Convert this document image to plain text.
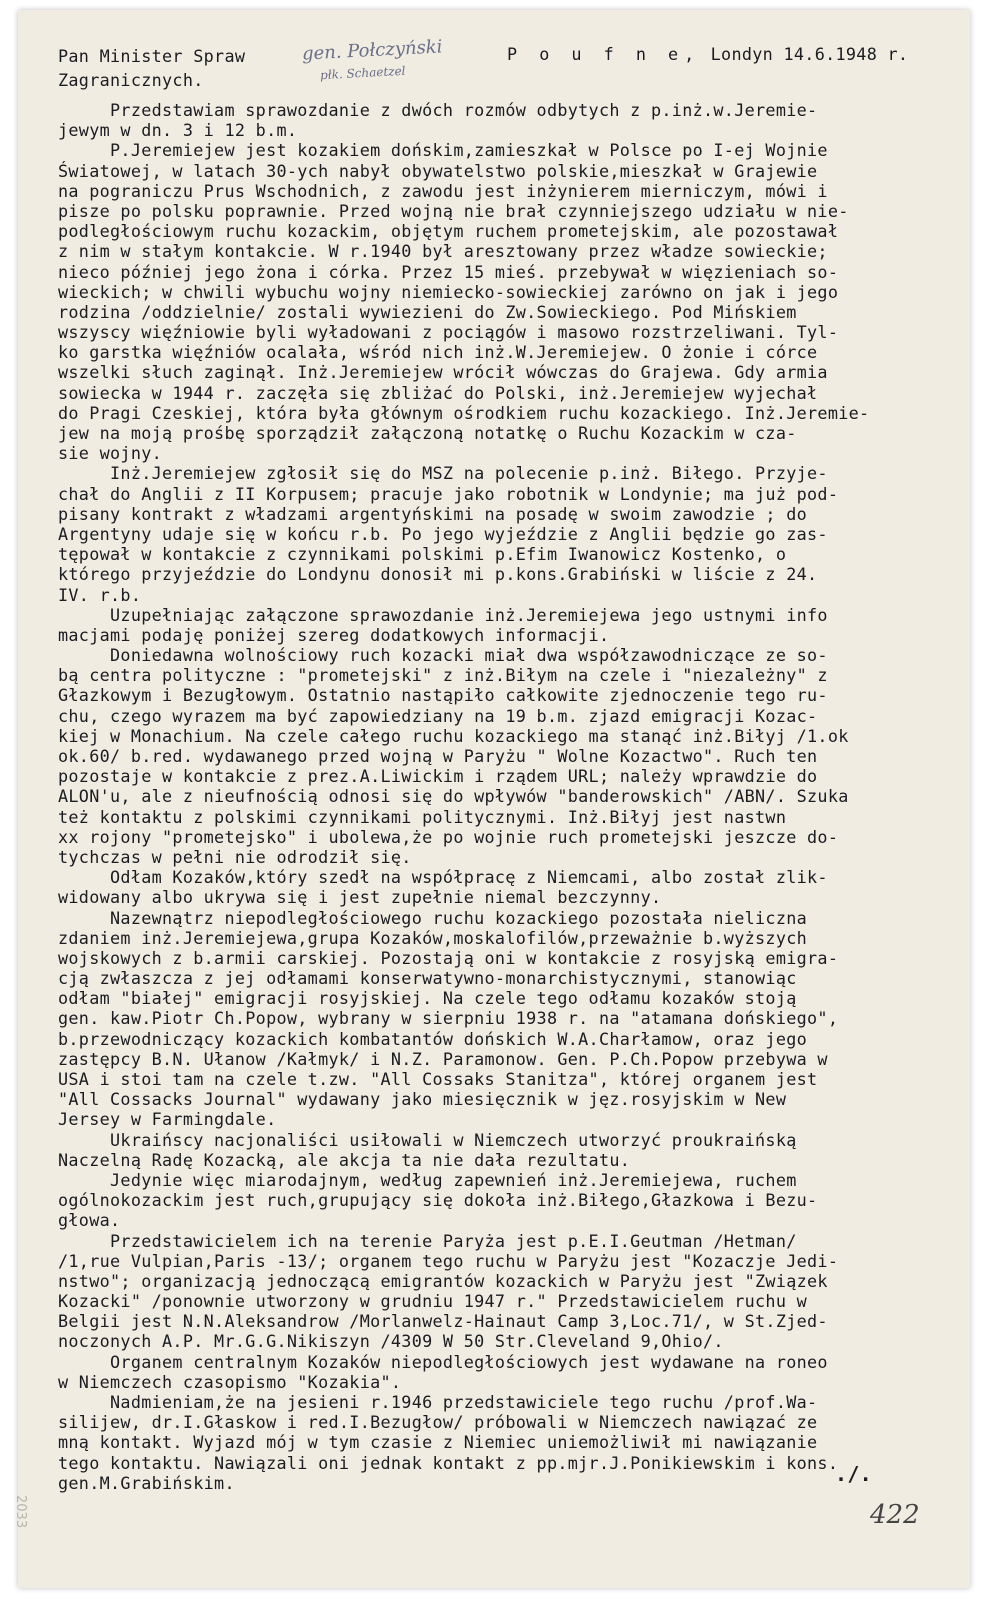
Pan Minister Spraw
Zagranicznych.
gen. Połczyński
płk. Schaetzel
P o u f n e, Londyn 14.6.1948 r.
Przedstawiam sprawozdanie z dwóch rozmów odbytych z p.inż.w.Jeremie-
jewym w dn. 3 i 12 b.m.
P.Jeremiejew jest kozakiem dońskim,zamieszkał w Polsce po I-ej Wojnie
Światowej, w latach 30-ych nabył obywatelstwo polskie,mieszkał w Grajewie
na pograniczu Prus Wschodnich, z zawodu jest inżynierem mierniczym, mówi i
pisze po polsku poprawnie. Przed wojną nie brał czynniejszego udziału w nie-
podległościowym ruchu kozackim, objętym ruchem prometejskim, ale pozostawał
z nim w stałym kontakcie. W r.1940 był aresztowany przez władze sowieckie;
nieco później jego żona i córka. Przez 15 mieś. przebywał w więzieniach so-
wieckich; w chwili wybuchu wojny niemiecko-sowieckiej zarówno on jak i jego
rodzina /oddzielnie/ zostali wywiezieni do Zw.Sowieckiego. Pod Mińskiem
wszyscy więźniowie byli wyładowani z pociągów i masowo rozstrzeliwani. Tyl-
ko garstka więźniów ocalała, wśród nich inż.W.Jeremiejew. O żonie i córce
wszelki słuch zaginął. Inż.Jeremiejew wrócił wówczas do Grajewa. Gdy armia
sowiecka w 1944 r. zaczęła się zbliżać do Polski, inż.Jeremiejew wyjechał
do Pragi Czeskiej, która była głównym ośrodkiem ruchu kozackiego. Inż.Jeremie-
jew na moją prośbę sporządził załączoną notatkę o Ruchu Kozackim w cza-
sie wojny.
Inż.Jeremiejew zgłosił się do MSZ na polecenie p.inż. Biłego. Przyje-
chał do Anglii z II Korpusem; pracuje jako robotnik w Londynie; ma już pod-
pisany kontrakt z władzami argentyńskimi na posadę w swoim zawodzie ; do
Argentyny udaje się w końcu r.b. Po jego wyjeździe z Anglii będzie go zas-
tępował w kontakcie z czynnikami polskimi p.Efim Iwanowicz Kostenko, o
którego przyjeździe do Londynu donosił mi p.kons.Grabiński w liście z 24.
IV. r.b.
Uzupełniając załączone sprawozdanie inż.Jeremiejewa jego ustnymi info
macjami podaję poniżej szereg dodatkowych informacji.
Doniedawna wolnościowy ruch kozacki miał dwa współzawodniczące ze so-
bą centra polityczne : "prometejski" z inż.Biłym na czele i "niezależny" z
Głazkowym i Bezugłowym. Ostatnio nastąpiło całkowite zjednoczenie tego ru-
chu, czego wyrazem ma być zapowiedziany na 19 b.m. zjazd emigracji Kozac-
kiej w Monachium. Na czele całego ruchu kozackiego ma stanąć inż.Biłyj /1.ok
ok.60/ b.red. wydawanego przed wojną w Paryżu " Wolne Kozactwo". Ruch ten
pozostaje w kontakcie z prez.A.Liwickim i rządem URL; należy wprawdzie do
ALON'u, ale z nieufnością odnosi się do wpływów "banderowskich" /ABN/. Szuka
też kontaktu z polskimi czynnikami politycznymi. Inż.Biłyj jest nastwn
xx rojony "prometejsko" i ubolewa,że po wojnie ruch prometejski jeszcze do-
tychczas w pełni nie odrodził się.
Odłam Kozaków,który szedł na współpracę z Niemcami, albo został zlik-
widowany albo ukrywa się i jest zupełnie niemal bezczynny.
Nazewnątrz niepodległościowego ruchu kozackiego pozostała nieliczna
zdaniem inż.Jeremiejewa,grupa Kozaków,moskalofilów,przeważnie b.wyższych
wojskowych z b.armii carskiej. Pozostają oni w kontakcie z rosyjską emigra-
cją zwłaszcza z jej odłamami konserwatywno-monarchistycznymi, stanowiąc
odłam "białej" emigracji rosyjskiej. Na czele tego odłamu kozaków stoją
gen. kaw.Piotr Ch.Popow, wybrany w sierpniu 1938 r. na "atamana dońskiego",
b.przewodniczący kozackich kombatantów dońskich W.A.Charłamow, oraz jego
zastępcy B.N. Ułanow /Kałmyk/ i N.Z. Paramonow. Gen. P.Ch.Popow przebywa w
USA i stoi tam na czele t.zw. "All Cossaks Stanitza", której organem jest
"All Cossacks Journal" wydawany jako miesięcznik w jęz.rosyjskim w New
Jersey w Farmingdale.
Ukraińscy nacjonaliści usiłowali w Niemczech utworzyć proukraińską
Naczelną Radę Kozacką, ale akcja ta nie dała rezultatu.
Jedynie więc miarodajnym, według zapewnień inż.Jeremiejewa, ruchem
ogólnokozackim jest ruch,grupujący się dokoła inż.Biłego,Głazkowa i Bezu-
głowa.
Przedstawicielem ich na terenie Paryża jest p.E.I.Geutman /Hetman/
/1,rue Vulpian,Paris -13/; organem tego ruchu w Paryżu jest "Kozaczje Jedi-
nstwo"; organizacją jednoczącą emigrantów kozackich w Paryżu jest "Związek
Kozacki" /ponownie utworzony w grudniu 1947 r." Przedstawicielem ruchu w
Belgii jest N.N.Aleksandrow /Morlanwelz-Hainaut Camp 3,Loc.71/, w St.Zjed-
noczonych A.P. Mr.G.G.Nikiszyn /4309 W 50 Str.Cleveland 9,Ohio/.
Organem centralnym Kozaków niepodległościowych jest wydawane na roneo
w Niemczech czasopismo "Kozakia".
Nadmieniam,że na jesieni r.1946 przedstawiciele tego ruchu /prof.Wa-
silijew, dr.I.Głaskow i red.I.Bezugłow/ próbowali w Niemczech nawiązać ze
mną kontakt. Wyjazd mój w tym czasie z Niemiec uniemożliwił mi nawiązanie
tego kontaktu. Nawiązali oni jednak kontakt z pp.mjr.J.Ponikiewskim i kons.
gen.M.Grabińskim.	./.
422
2033
